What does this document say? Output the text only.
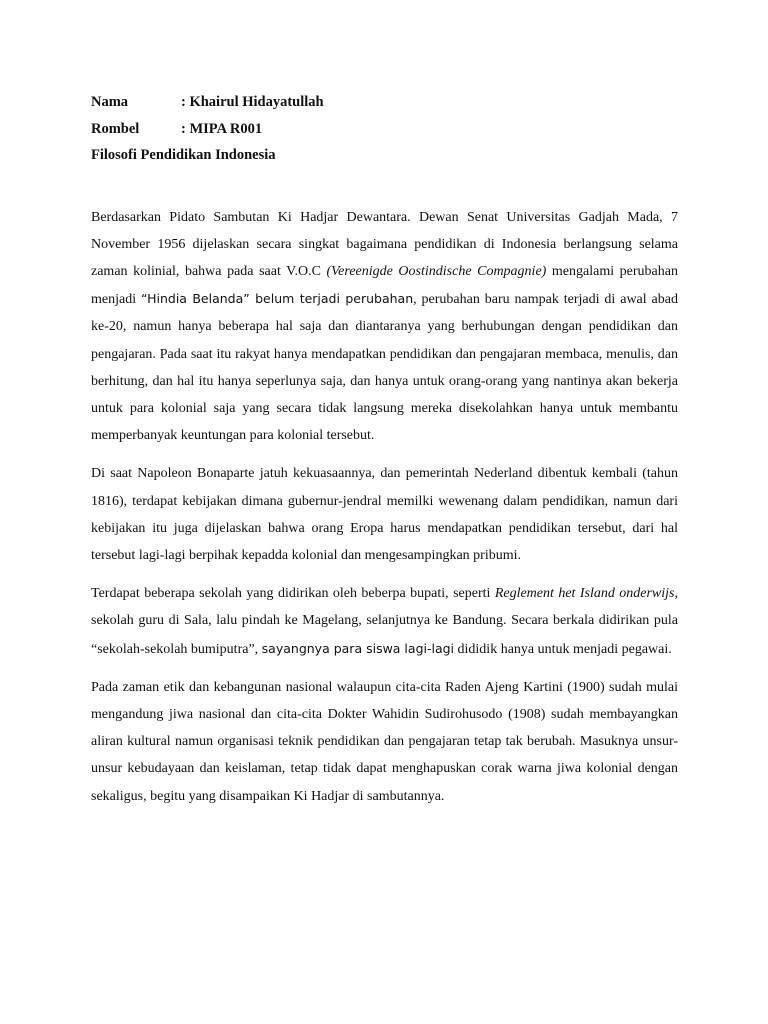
Nama	: Khairul Hidayatullah
Rombel	: MIPA R001
Filosofi Pendidikan Indonesia

Berdasarkan Pidato Sambutan Ki Hadjar Dewantara. Dewan Senat Universitas Gadjah Mada, 7 November 1956 dijelaskan secara singkat bagaimana pendidikan di Indonesia berlangsung selama zaman kolinial, bahwa pada saat V.O.C (Vereenigde Oostindische Compagnie) mengalami perubahan menjadi “Hindia Belanda” belum terjadi perubahan, perubahan baru nampak terjadi di awal abad ke-20, namun hanya beberapa hal saja dan diantaranya yang berhubungan dengan pendidikan dan pengajaran. Pada saat itu rakyat hanya mendapatkan pendidikan dan pengajaran membaca, menulis, dan berhitung, dan hal itu hanya seperlunya saja, dan hanya untuk orang-orang yang nantinya akan bekerja untuk para kolonial saja yang secara tidak langsung mereka disekolahkan hanya untuk membantu memperbanyak keuntungan para kolonial tersebut.

Di saat Napoleon Bonaparte jatuh kekuasaannya, dan pemerintah Nederland dibentuk kembali (tahun 1816), terdapat kebijakan dimana gubernur-jendral memilki wewenang dalam pendidikan, namun dari kebijakan itu juga dijelaskan bahwa orang Eropa harus mendapatkan pendidikan tersebut, dari hal tersebut lagi-lagi berpihak kepadda kolonial dan mengesampingkan pribumi.

Terdapat beberapa sekolah yang didirikan oleh beberpa bupati, seperti Reglement het Island onderwijs, sekolah guru di Sala, lalu pindah ke Magelang, selanjutnya ke Bandung. Secara berkala didirikan pula “sekolah-sekolah bumiputra”, sayangnya para siswa lagi-lagi dididik hanya untuk menjadi pegawai.

Pada zaman etik dan kebangunan nasional walaupun cita-cita Raden Ajeng Kartini (1900) sudah mulai mengandung jiwa nasional dan cita-cita Dokter Wahidin Sudirohusodo (1908) sudah membayangkan aliran kultural namun organisasi teknik pendidikan dan pengajaran tetap tak berubah. Masuknya unsur-unsur kebudayaan dan keislaman, tetap tidak dapat menghapuskan corak warna jiwa kolonial dengan sekaligus, begitu yang disampaikan Ki Hadjar di sambutannya.
